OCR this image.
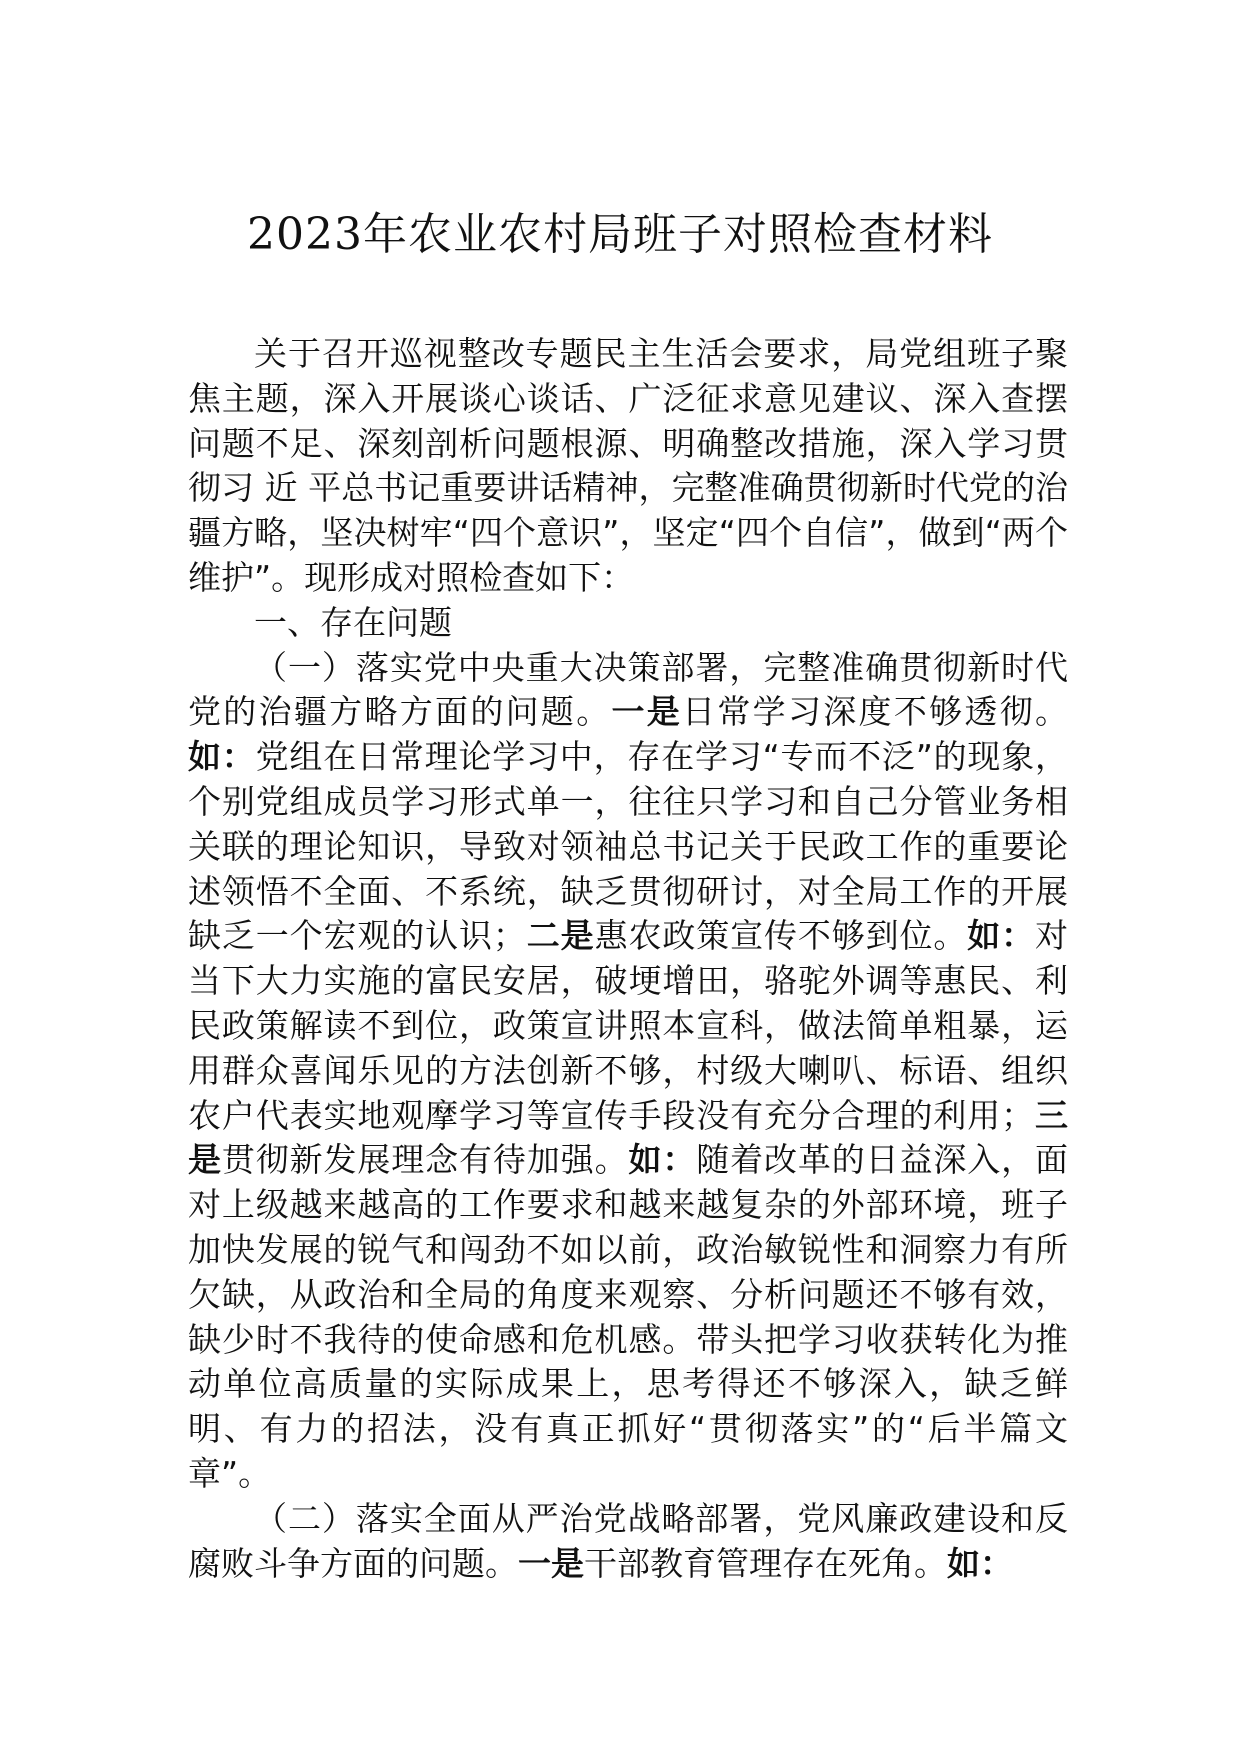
2023年农业农村局班子对照检查材料

关于召开巡视整改专题民主生活会要求，局党组班子聚焦主题，深入开展谈心谈话、广泛征求意见建议、深入查摆问题不足、深刻剖析问题根源、明确整改措施，深入学习贯彻习 近 平总书记重要讲话精神，完整准确贯彻新时代党的治疆方略，坚决树牢“四个意识”，坚定“四个自信”，做到“两个维护”。现形成对照检查如下：

一、存在问题

（一）落实党中央重大决策部署，完整准确贯彻新时代党的治疆方略方面的问题。一是日常学习深度不够透彻。如：党组在日常理论学习中，存在学习“专而不泛”的现象，个别党组成员学习形式单一，往往只学习和自己分管业务相关联的理论知识，导致对领袖总书记关于民政工作的重要论述领悟不全面、不系统，缺乏贯彻研讨，对全局工作的开展缺乏一个宏观的认识；二是惠农政策宣传不够到位。如：对当下大力实施的富民安居，破埂增田，骆驼外调等惠民、利民政策解读不到位，政策宣讲照本宣科，做法简单粗暴，运用群众喜闻乐见的方法创新不够，村级大喇叭、标语、组织农户代表实地观摩学习等宣传手段没有充分合理的利用；三是贯彻新发展理念有待加强。如：随着改革的日益深入，面对上级越来越高的工作要求和越来越复杂的外部环境，班子加快发展的锐气和闯劲不如以前，政治敏锐性和洞察力有所欠缺，从政治和全局的角度来观察、分析问题还不够有效，缺少时不我待的使命感和危机感。带头把学习收获转化为推动单位高质量的实际成果上，思考得还不够深入，缺乏鲜明、有力的招法，没有真正抓好“贯彻落实”的“后半篇文章”。

（二）落实全面从严治党战略部署，党风廉政建设和反腐败斗争方面的问题。一是干部教育管理存在死角。如：
